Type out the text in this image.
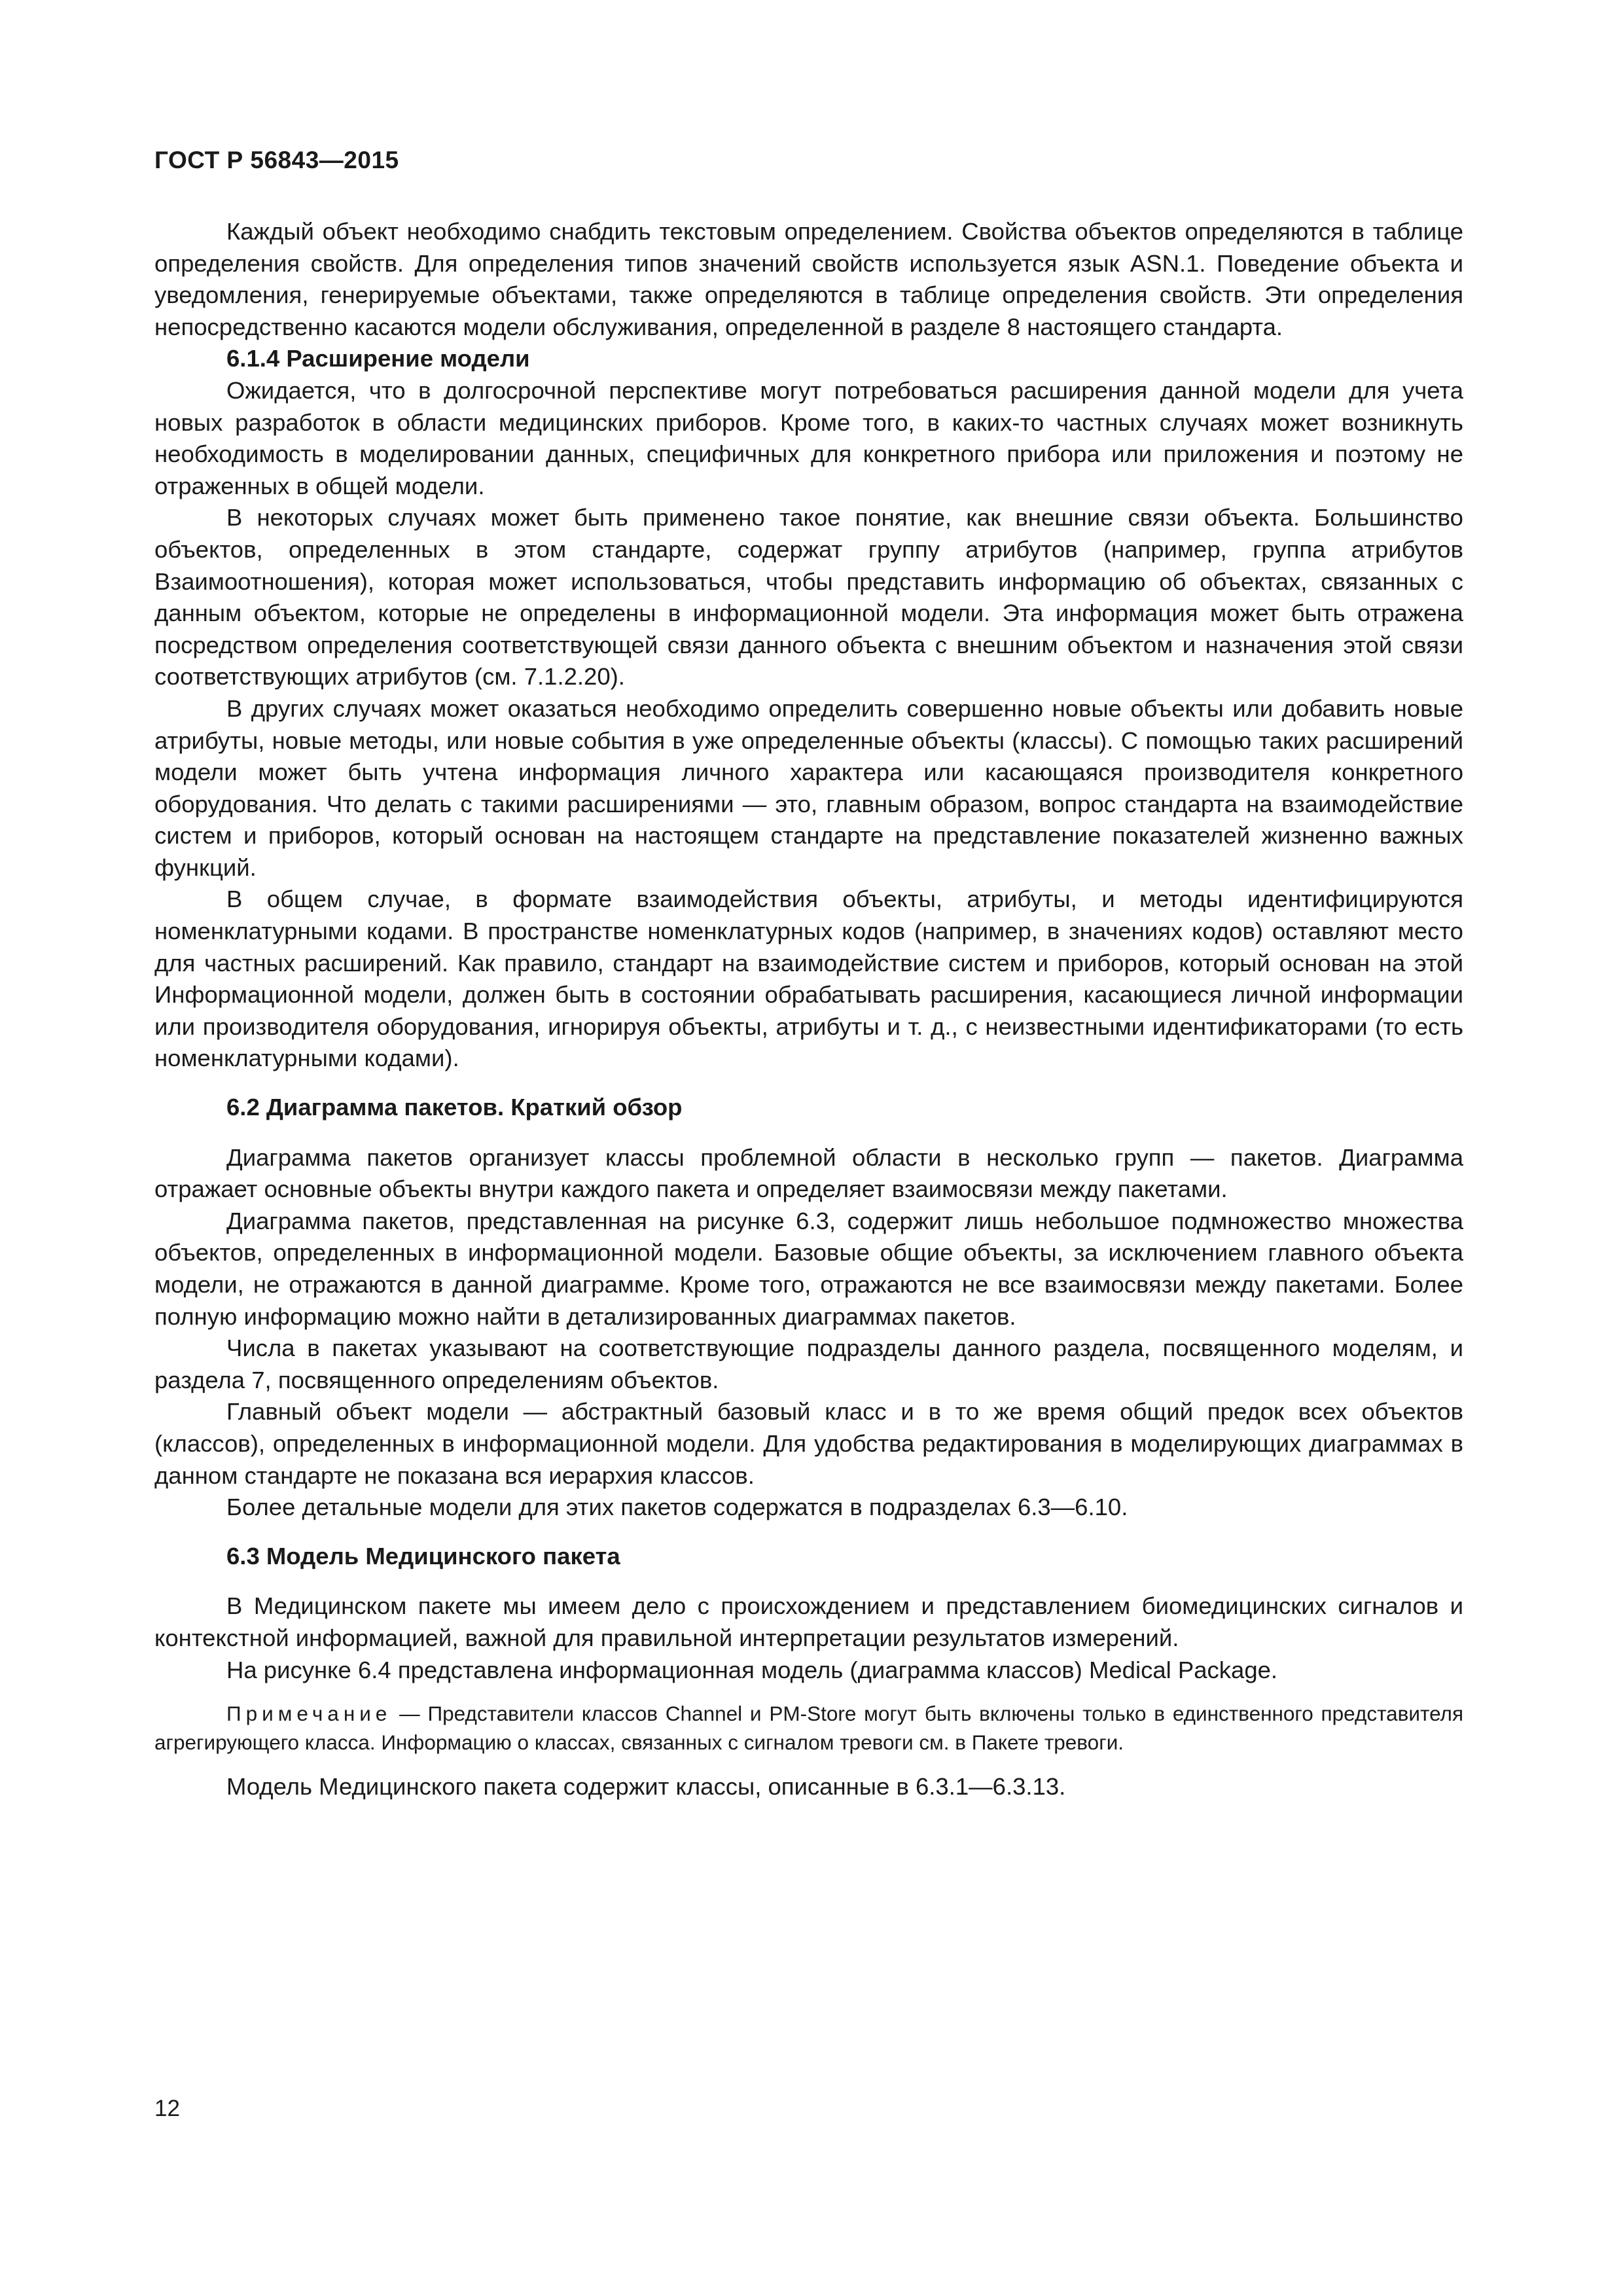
ГОСТ Р 56843—2015

Каждый объект необходимо снабдить текстовым определением. Свойства объектов определяются в таблице определения свойств. Для определения типов значений свойств используется язык ASN.1. Поведение объекта и уведомления, генерируемые объектами, также определяются в таблице определения свойств. Эти определения непосредственно касаются модели обслуживания, определенной в разделе 8 настоящего стандарта.

6.1.4 Расширение модели

Ожидается, что в долгосрочной перспективе могут потребоваться расширения данной модели для учета новых разработок в области медицинских приборов. Кроме того, в каких-то частных случаях может возникнуть необходимость в моделировании данных, специфичных для конкретного прибора или приложения и поэтому не отраженных в общей модели.

В некоторых случаях может быть применено такое понятие, как внешние связи объекта. Большинство объектов, определенных в этом стандарте, содержат группу атрибутов (например, группа атрибутов Взаимоотношения), которая может использоваться, чтобы представить информацию об объектах, связанных с данным объектом, которые не определены в информационной модели. Эта информация может быть отражена посредством определения соответствующей связи данного объекта с внешним объектом и назначения этой связи соответствующих атрибутов (см. 7.1.2.20).

В других случаях может оказаться необходимо определить совершенно новые объекты или добавить новые атрибуты, новые методы, или новые события в уже определенные объекты (классы). С помощью таких расширений модели может быть учтена информация личного характера или касающаяся производителя конкретного оборудования. Что делать с такими расширениями — это, главным образом, вопрос стандарта на взаимодействие систем и приборов, который основан на настоящем стандарте на представление показателей жизненно важных функций.

В общем случае, в формате взаимодействия объекты, атрибуты, и методы идентифицируются номенклатурными кодами. В пространстве номенклатурных кодов (например, в значениях кодов) оставляют место для частных расширений. Как правило, стандарт на взаимодействие систем и приборов, который основан на этой Информационной модели, должен быть в состоянии обрабатывать расширения, касающиеся личной информации или производителя оборудования, игнорируя объекты, атрибуты и т. д., с неизвестными идентификаторами (то есть номенклатурными кодами).

6.2 Диаграмма пакетов. Краткий обзор

Диаграмма пакетов организует классы проблемной области в несколько групп — пакетов. Диаграмма отражает основные объекты внутри каждого пакета и определяет взаимосвязи между пакетами.

Диаграмма пакетов, представленная на рисунке 6.3, содержит лишь небольшое подмножество множества объектов, определенных в информационной модели. Базовые общие объекты, за исключением главного объекта модели, не отражаются в данной диаграмме. Кроме того, отражаются не все взаимосвязи между пакетами. Более полную информацию можно найти в детализированных диаграммах пакетов.

Числа в пакетах указывают на соответствующие подразделы данного раздела, посвященного моделям, и раздела 7, посвященного определениям объектов.

Главный объект модели — абстрактный базовый класс и в то же время общий предок всех объектов (классов), определенных в информационной модели. Для удобства редактирования в моделирующих диаграммах в данном стандарте не показана вся иерархия классов.

Более детальные модели для этих пакетов содержатся в подразделах 6.3—6.10.

6.3 Модель Медицинского пакета

В Медицинском пакете мы имеем дело с происхождением и представлением биомедицинских сигналов и контекстной информацией, важной для правильной интерпретации результатов измерений.

На рисунке 6.4 представлена информационная модель (диаграмма классов) Medical Package.

Примечание — Представители классов Channel и PM-Store могут быть включены только в единственного представителя агрегирующего класса. Информацию о классах, связанных с сигналом тревоги см. в Пакете тревоги.

Модель Медицинского пакета содержит классы, описанные в 6.3.1—6.3.13.

12
